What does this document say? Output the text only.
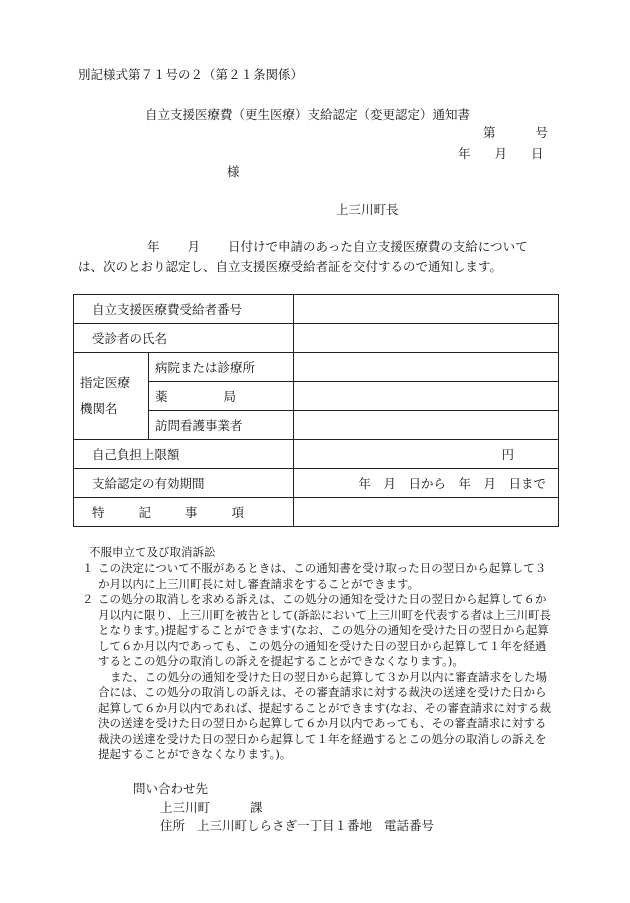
別記様式第７１号の２（第２１条関係）
自立支援医療費（更生医療）支給認定（変更認定）通知書
第	号
年 月 日
様
上三川町長
年 月 日付けで申請のあった自立支援医療費の支給については、次のとおり認定し、自立支援医療受給者証を交付するので通知します。
自立支援医療費受給者番号		
受診者の氏名		

指定医療
機関名	病院または診療所	
	薬 局	
	訪問看護事業者	
自己負担上限額		円
支給認定の有効期間		年　月　日から　年　月　日まで
特 記 事 項		
不服申立て及び取消訴訟
１ この決定について不服があるときは、この通知書を受け取った日の翌日から起算して３か月以内に上三川町長に対し審査請求をすることができます。
２ この処分の取消しを求める訴えは、この処分の通知を受けた日の翌日から起算して６か月以内に限り、上三川町を被告として(訴訟において上三川町を代表する者は上三川町長となります。)提起することができます(なお、この処分の通知を受けた日の翌日から起算して６か月以内であっても、この処分の通知を受けた日の翌日から起算して１年を経過するとこの処分の取消しの訴えを提起することができなくなります。)。
また、この処分の通知を受けた日の翌日から起算して３か月以内に審査請求をした場合には、この処分の取消しの訴えは、その審査請求に対する裁決の送達を受けた日から起算して６か月以内であれば、提起することができます(なお、その審査請求に対する裁決の送達を受けた日の翌日から起算して６か月以内であっても、その審査請求に対する裁決の送達を受けた日の翌日から起算して１年を経過するとこの処分の取消しの訴えを提起することができなくなります。)。
問い合わせ先
上三川町	課
住所 上三川町しらさぎ一丁目１番地 電話番号
